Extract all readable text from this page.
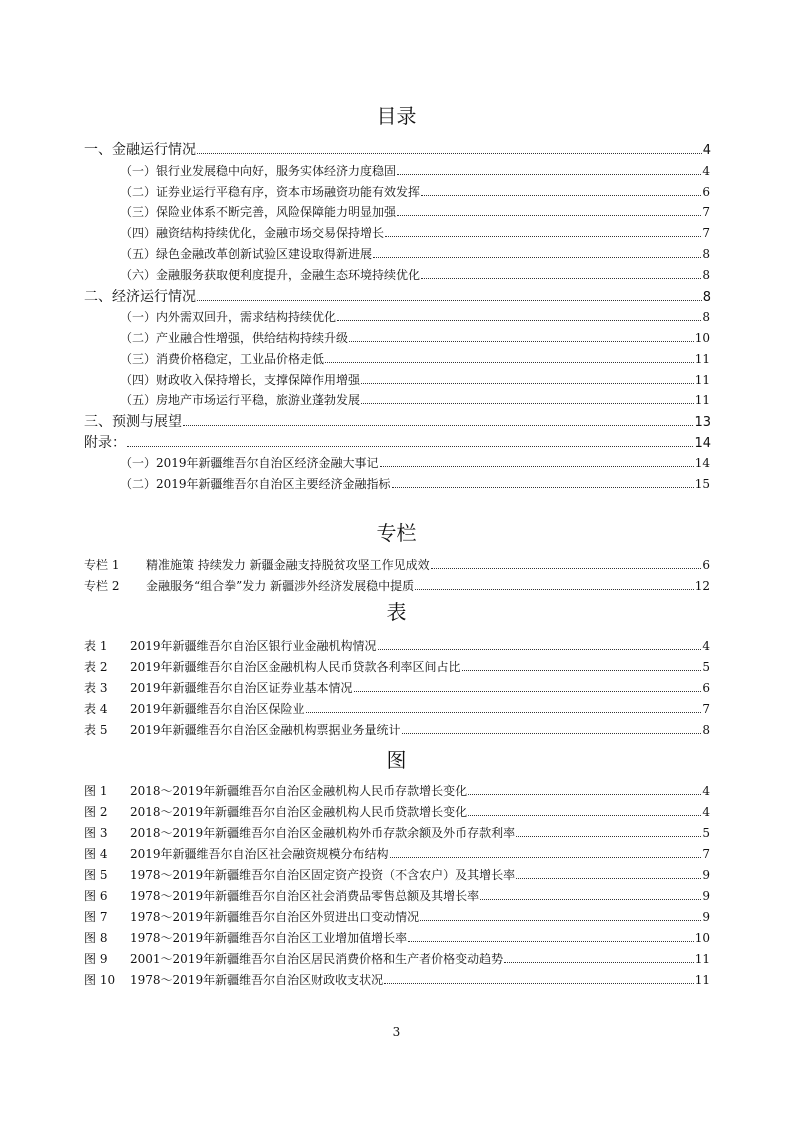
目录
一、金融运行情况	4
（一）银行业发展稳中向好，服务实体经济力度稳固	4
（二）证券业运行平稳有序，资本市场融资功能有效发挥	6
（三）保险业体系不断完善，风险保障能力明显加强	7
（四）融资结构持续优化，金融市场交易保持增长	7
（五）绿色金融改革创新试验区建设取得新进展	8
（六）金融服务获取便利度提升，金融生态环境持续优化	8
二、经济运行情况	8
（一）内外需双回升，需求结构持续优化	8
（二）产业融合性增强，供给结构持续升级	10
（三）消费价格稳定，工业品价格走低	11
（四）财政收入保持增长，支撑保障作用增强	11
（五）房地产市场运行平稳，旅游业蓬勃发展	11
三、预测与展望	13
附录：	14
（一）2019年新疆维吾尔自治区经济金融大事记	14
（二）2019年新疆维吾尔自治区主要经济金融指标	15
专栏
专栏 1	精准施策 持续发力 新疆金融支持脱贫攻坚工作见成效	6
专栏 2	金融服务“组合拳”发力 新疆涉外经济发展稳中提质	12
表
表 1	2019年新疆维吾尔自治区银行业金融机构情况	4
表 2	2019年新疆维吾尔自治区金融机构人民币贷款各利率区间占比	5
表 3	2019年新疆维吾尔自治区证券业基本情况	6
表 4	2019年新疆维吾尔自治区保险业	7
表 5	2019年新疆维吾尔自治区金融机构票据业务量统计	8
图
图 1	2018～2019年新疆维吾尔自治区金融机构人民币存款增长变化	4
图 2	2018～2019年新疆维吾尔自治区金融机构人民币贷款增长变化	4
图 3	2018～2019年新疆维吾尔自治区金融机构外币存款余额及外币存款利率	5
图 4	2019年新疆维吾尔自治区社会融资规模分布结构	7
图 5	1978～2019年新疆维吾尔自治区固定资产投资（不含农户）及其增长率	9
图 6	1978～2019年新疆维吾尔自治区社会消费品零售总额及其增长率	9
图 7	1978～2019年新疆维吾尔自治区外贸进出口变动情况	9
图 8	1978～2019年新疆维吾尔自治区工业增加值增长率	10
图 9	2001～2019年新疆维吾尔自治区居民消费价格和生产者价格变动趋势	11
图 10	1978～2019年新疆维吾尔自治区财政收支状况	11
3
